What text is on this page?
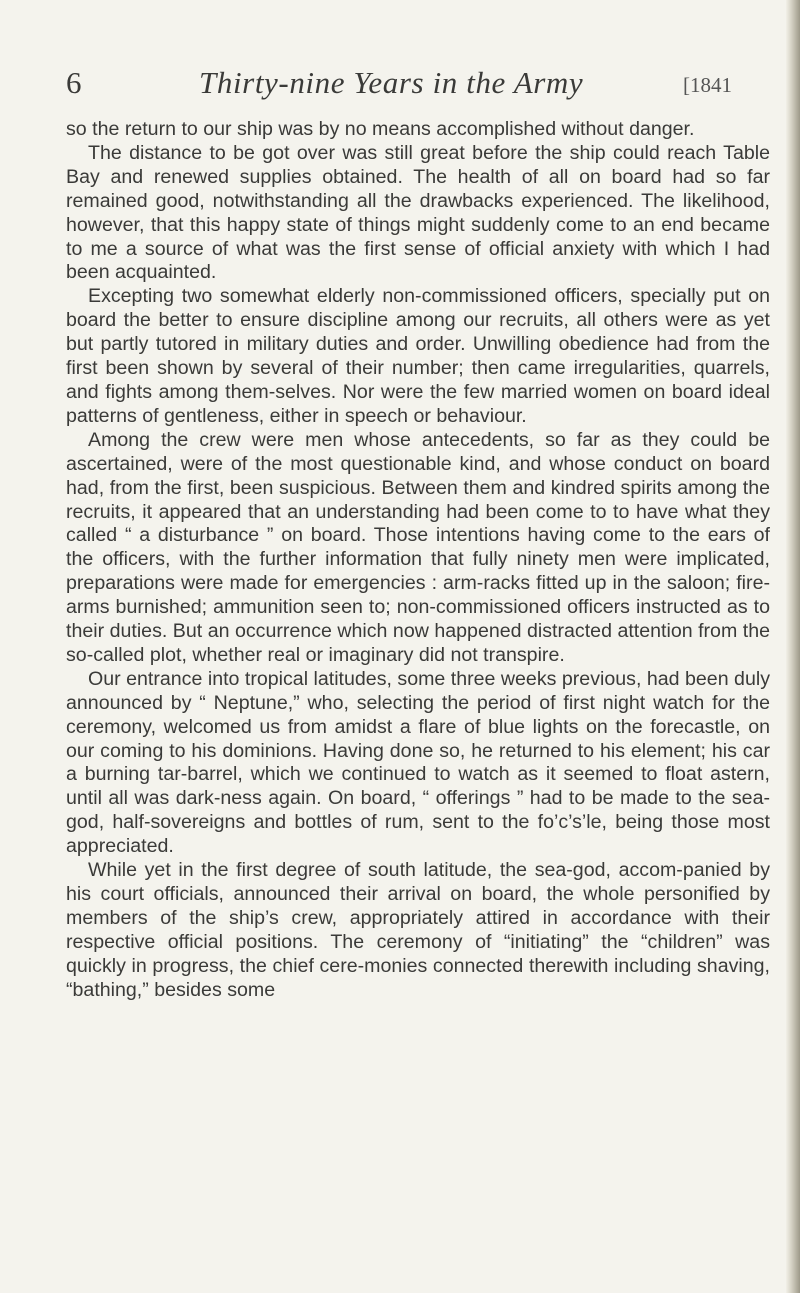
6	Thirty-nine Years in the Army	[1841

so the return to our ship was by no means accomplished without danger.

The distance to be got over was still great before the ship could reach Table Bay and renewed supplies obtained. The health of all on board had so far remained good, notwithstanding all the drawbacks experienced. The likelihood, however, that this happy state of things might suddenly come to an end became to me a source of what was the first sense of official anxiety with which I had been acquainted.

Excepting two somewhat elderly non-commissioned officers, specially put on board the better to ensure discipline among our recruits, all others were as yet but partly tutored in military duties and order. Unwilling obedience had from the first been shown by several of their number; then came irregularities, quarrels, and fights among them-selves. Nor were the few married women on board ideal patterns of gentleness, either in speech or behaviour.

Among the crew were men whose antecedents, so far as they could be ascertained, were of the most questionable kind, and whose conduct on board had, from the first, been suspicious. Between them and kindred spirits among the recruits, it appeared that an understanding had been come to to have what they called “ a disturbance ” on board. Those intentions having come to the ears of the officers, with the further information that fully ninety men were implicated, preparations were made for emergencies : arm-racks fitted up in the saloon; fire-arms burnished; ammunition seen to; non-commissioned officers instructed as to their duties. But an occurrence which now happened distracted attention from the so-called plot, whether real or imaginary did not transpire.

Our entrance into tropical latitudes, some three weeks previous, had been duly announced by “ Neptune,” who, selecting the period of first night watch for the ceremony, welcomed us from amidst a flare of blue lights on the forecastle, on our coming to his dominions. Having done so, he returned to his element; his car a burning tar-barrel, which we continued to watch as it seemed to float astern, until all was dark-ness again. On board, “ offerings ” had to be made to the sea-god, half-sovereigns and bottles of rum, sent to the fo’c’s’le, being those most appreciated.

While yet in the first degree of south latitude, the sea-god, accom-panied by his court officials, announced their arrival on board, the whole personified by members of the ship’s crew, appropriately attired in accordance with their respective official positions. The ceremony of “initiating” the “children” was quickly in progress, the chief cere-monies connected therewith including shaving, “bathing,” besides some
